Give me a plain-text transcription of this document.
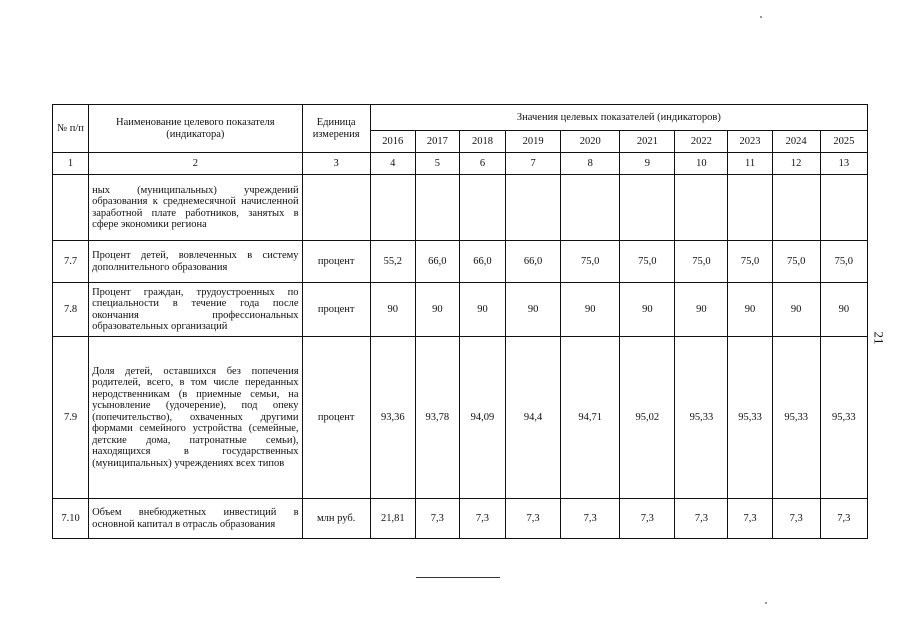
21
№ п/п	Наименование целевого показателя (индикатора)	Единица измерения	Значения целевых показателей (индикаторов)									
			2016	2017	2018	2019	2020	2021	2022	2023	2024	2025
1	2	3	4	5	6	7	8	9	10	11	12	13
	ных (муниципальных) учреждений образования к среднемесячной начисленной заработной плате работников, занятых в сфере экономики региона											
7.7	Процент детей, вовлеченных в систему дополнительного образования	процент	55,2	66,0	66,0	66,0	75,0	75,0	75,0	75,0	75,0	75,0
7.8	Процент граждан, трудоустроенных по специальности в течение года после окончания профессиональных образовательных организаций	процент	90	90	90	90	90	90	90	90	90	90
7.9	Доля детей, оставшихся без попечения родителей, всего, в том числе переданных неродственникам (в приемные семьи, на усыновление (удочерение), под опеку (попечительство), охваченных другими формами семейного устройства (семейные, детские дома, патронатные семьи), находящихся в государственных (муниципальных) учреждениях всех типов	процент	93,36	93,78	94,09	94,4	94,71	95,02	95,33	95,33	95,33	95,33
7.10	Объем внебюджетных инвестиций в основной капитал в отрасль образования	млн руб.	21,81	7,3	7,3	7,3	7,3	7,3	7,3	7,3	7,3	7,3
